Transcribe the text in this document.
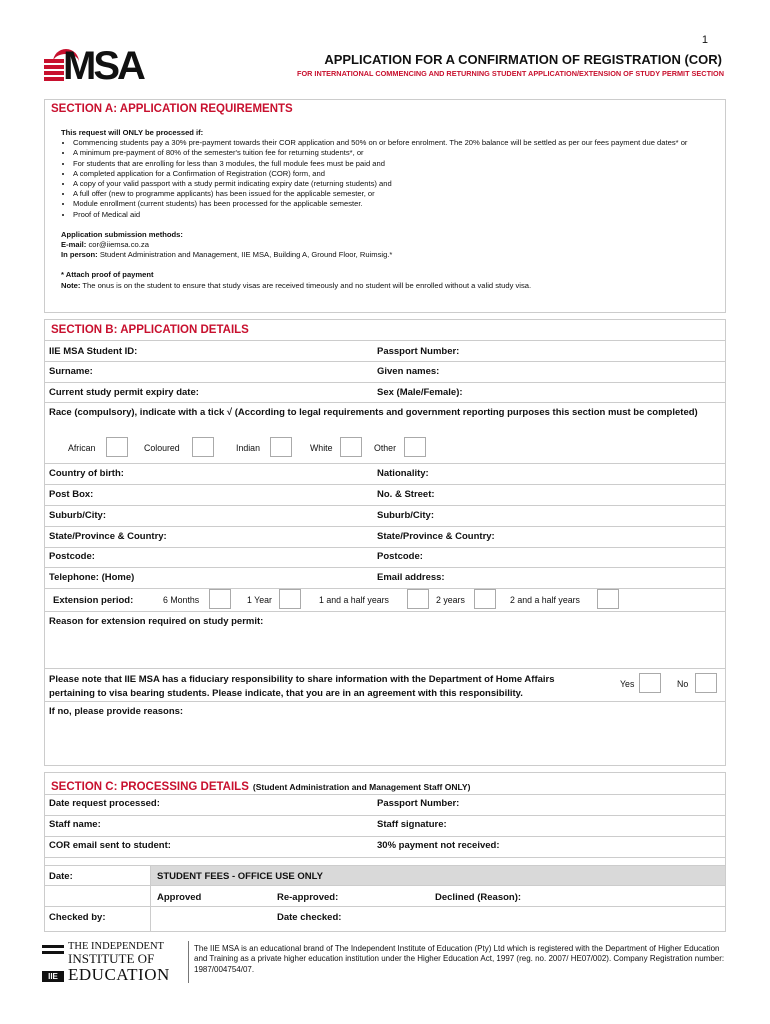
1
MSA	APPLICATION FOR A CONFIRMATION OF REGISTRATION (COR)
FOR INTERNATIONAL COMMENCING AND RETURNING STUDENT APPLICATION/EXTENSION OF STUDY PERMIT SECTION
SECTION A: APPLICATION REQUIREMENTS
This request will ONLY be processed if:
• Commencing students pay a 30% pre-payment towards their COR application and 50% on or before enrolment. The 20% balance will be settled as per our fees payment due dates* or
• A minimum pre-payment of 80% of the semester's tuition fee for returning students*, or
• For students that are enrolling for less than 3 modules, the full module fees must be paid and
• A completed application for a Confirmation of Registration (COR) form, and
• A copy of your valid passport with a study permit indicating expiry date (returning students) and
• A full offer (new to programme applicants) has been issued for the applicable semester, or
• Module enrollment (current students) has been processed for the applicable semester.
• Proof of Medical aid
Application submission methods:
E-mail: cor@iiemsa.co.za
In person: Student Administration and Management, IIE MSA, Building A, Ground Floor, Ruimsig.*
* Attach proof of payment
Note: The onus is on the student to ensure that study visas are received timeously and no student will be enrolled without a valid study visa.
SECTION B: APPLICATION DETAILS
IIE MSA Student ID:	Passport Number:
Surname:	Given names:
Current study permit expiry date:	Sex (Male/Female):
Race (compulsory), indicate with a tick √ (According to legal requirements and government reporting purposes this section must be completed)
African	Coloured	Indian	White	Other
Country of birth:	Nationality:
Post Box:	No. & Street:
Suburb/City:	Suburb/City:
State/Province & Country:	State/Province & Country:
Postcode:	Postcode:
Telephone: (Home)	Email address:
Extension period:	6 Months	1 Year	1 and a half years	2 years	2 and a half years
Reason for extension required on study permit:
Please note that IIE MSA has a fiduciary responsibility to share information with the Department of Home Affairs pertaining to visa bearing students. Please indicate, that you are in an agreement with this responsibility.
Yes	No
If no, please provide reasons:
SECTION C: PROCESSING DETAILS (Student Administration and Management Staff ONLY)
Date request processed:	Passport Number:
Staff name:	Staff signature:
COR email sent to student:	30% payment not received:
Date:	STUDENT FEES - OFFICE USE ONLY
Approved	Re-approved:	Declined (Reason):
Checked by:	Date checked:
IIE
THE INDEPENDENT
INSTITUTE OF
EDUCATION
The IIE MSA is an educational brand of The Independent Institute of Education (Pty) Ltd which is registered with the Department of Higher Education and Training as a private higher education institution under the Higher Education Act, 1997 (reg. no. 2007/ HE07/002). Company Registration number: 1987/004754/07.
